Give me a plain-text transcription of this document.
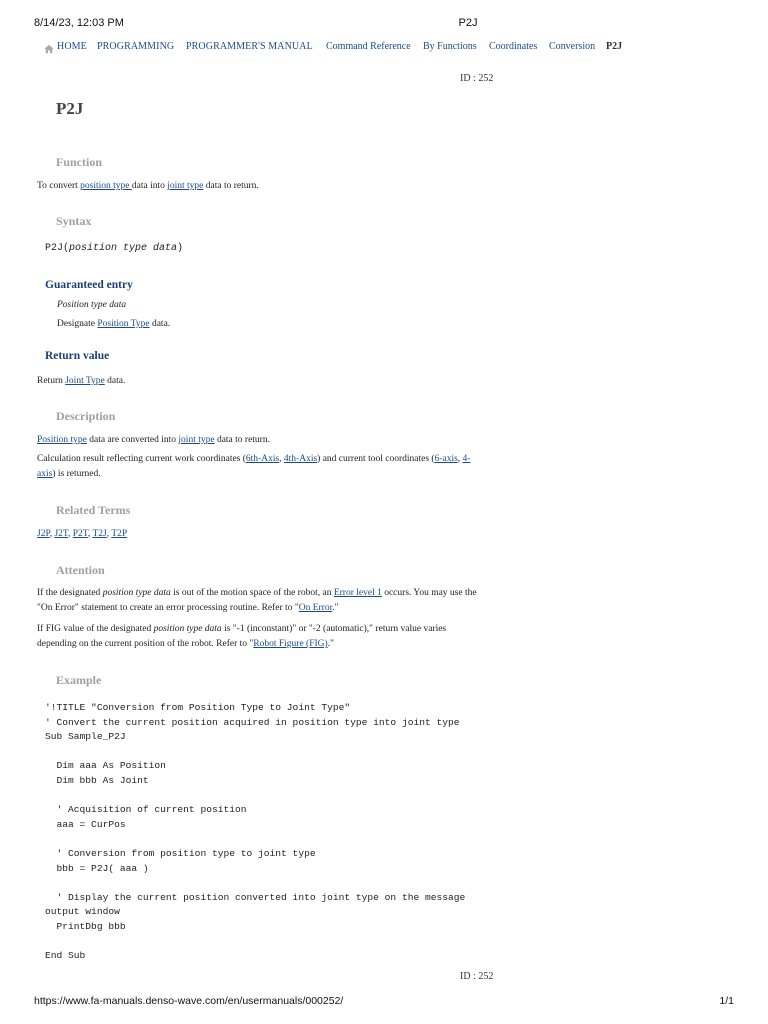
8/14/23, 12:03 PM	P2J
HOME PROGRAMMING PROGRAMMER'S MANUAL Command Reference By Functions Coordinates Conversion P2J
ID : 252
P2J
Function

To convert position type data into joint type data to return.

Syntax
P2J(position type data)
Guaranteed entry

Position type data

Designate Position Type data.

Return value

Return Joint Type data.

Description

Position type data are converted into joint type data to return.

Calculation result reflecting current work coordinates (6th-Axis, 4th-Axis) and current tool coordinates (6-axis, 4-axis) is returned.

Related Terms

J2P, J2T, P2T, T2J, T2P

Attention

If the designated position type data is out of the motion space of the robot, an Error level 1 occurs. You may use the "On Error" statement to create an error processing routine. Refer to "On Error."

If FIG value of the designated position type data is "-1 (inconstant)" or "-2 (automatic)," return value varies depending on the current position of the robot. Refer to "Robot Figure (FIG)."

Example
'!TITLE "Conversion from Position Type to Joint Type"
' Convert the current position acquired in position type into joint type
Sub Sample_P2J

Dim aaa As Position
Dim bbb As Joint

' Acquisition of current position
aaa = CurPos

' Conversion from position type to joint type
bbb = P2J( aaa )

' Display the current position converted into joint type on the message
output window
PrintDbg bbb

End Sub
ID : 252
https://www.fa-manuals.denso-wave.com/en/usermanuals/000252/	1/1
